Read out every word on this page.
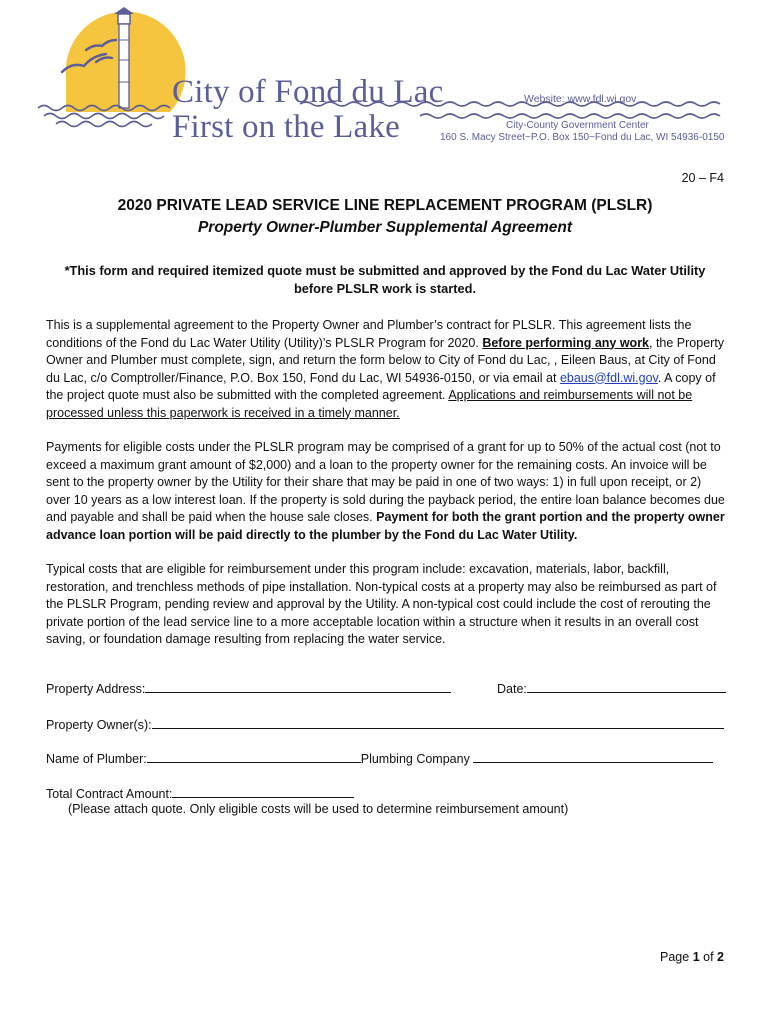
City of Fond du Lac
First on the Lake
Website: www.fdl.wi.gov
City-County Government Center
160 S. Macy Street~P.O. Box 150~Fond du Lac, WI 54936-0150
20 – F4
2020 PRIVATE LEAD SERVICE LINE REPLACEMENT PROGRAM (PLSLR)
Property Owner-Plumber Supplemental Agreement
*This form and required itemized quote must be submitted and approved by the Fond du Lac Water Utility before PLSLR work is started.
This is a supplemental agreement to the Property Owner and Plumber’s contract for PLSLR. This agreement lists the conditions of the Fond du Lac Water Utility (Utility)’s PLSLR Program for 2020. Before performing any work, the Property Owner and Plumber must complete, sign, and return the form below to City of Fond du Lac, , Eileen Baus, at City of Fond du Lac, c/o Comptroller/Finance, P.O. Box 150, Fond du Lac, WI 54936-0150, or via email at ebaus@fdl.wi.gov. A copy of the project quote must also be submitted with the completed agreement. Applications and reimbursements will not be processed unless this paperwork is received in a timely manner.
Payments for eligible costs under the PLSLR program may be comprised of a grant for up to 50% of the actual cost (not to exceed a maximum grant amount of $2,000) and a loan to the property owner for the remaining costs. An invoice will be sent to the property owner by the Utility for their share that may be paid in one of two ways: 1) in full upon receipt, or 2) over 10 years as a low interest loan. If the property is sold during the payback period, the entire loan balance becomes due and payable and shall be paid when the house sale closes. Payment for both the grant portion and the property owner advance loan portion will be paid directly to the plumber by the Fond du Lac Water Utility.
Typical costs that are eligible for reimbursement under this program include: excavation, materials, labor, backfill, restoration, and trenchless methods of pipe installation. Non-typical costs at a property may also be reimbursed as part of the PLSLR Program, pending review and approval by the Utility. A non-typical cost could include the cost of rerouting the private portion of the lead service line to a more acceptable location within a structure when it results in an overall cost saving, or foundation damage resulting from replacing the water service.
Property Address:	Date:
Property Owner(s):
Name of Plumber:	Plumbing Company
Total Contract Amount:
(Please attach quote. Only eligible costs will be used to determine reimbursement amount)
Page 1 of 2
